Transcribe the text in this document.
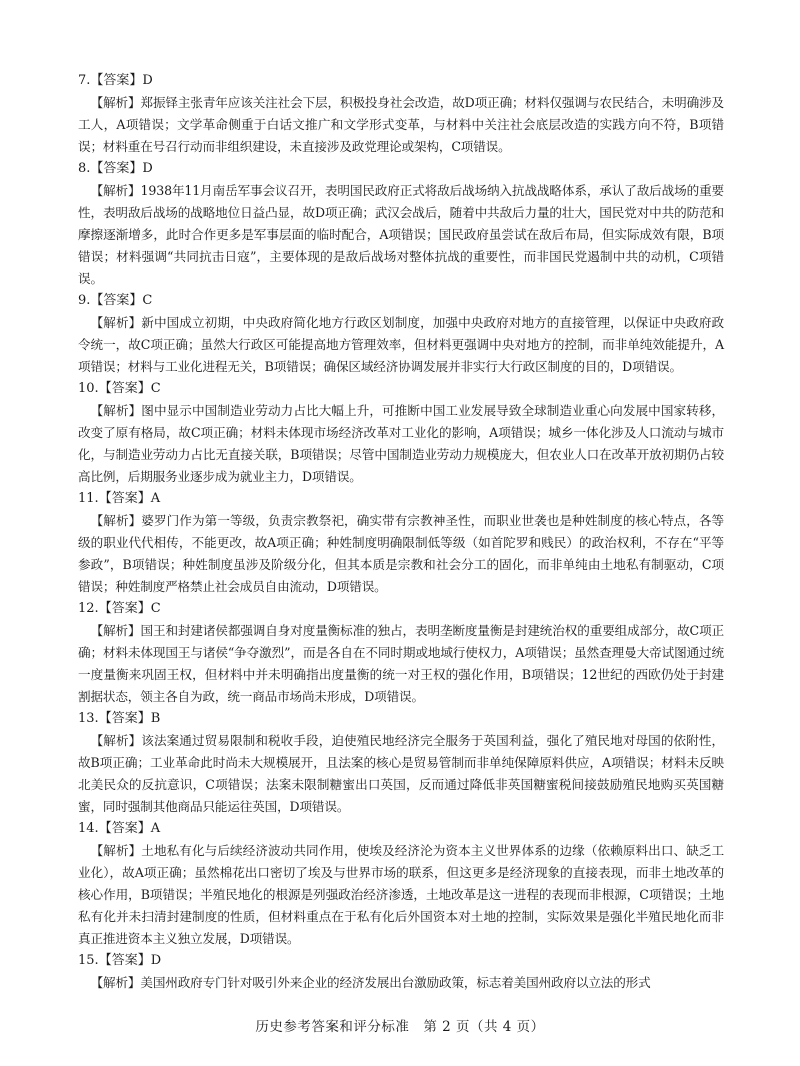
7.【答案】D

【解析】郑振铎主张青年应该关注社会下层，积极投身社会改造，故D项正确；材料仅强调与农民结合，未明确涉及工人，A项错误；文学革命侧重于白话文推广和文学形式变革，与材料中关注社会底层改造的实践方向不符，B项错误；材料重在号召行动而非组织建设，未直接涉及政党理论或架构，C项错误。

8.【答案】D

【解析】1938年11月南岳军事会议召开，表明国民政府正式将敌后战场纳入抗战战略体系，承认了敌后战场的重要性，表明敌后战场的战略地位日益凸显，故D项正确；武汉会战后，随着中共敌后力量的壮大，国民党对中共的防范和摩擦逐渐增多，此时合作更多是军事层面的临时配合，A项错误；国民政府虽尝试在敌后布局，但实际成效有限，B项错误；材料强调“共同抗击日寇”，主要体现的是敌后战场对整体抗战的重要性，而非国民党遏制中共的动机，C项错误。

9.【答案】C

【解析】新中国成立初期，中央政府简化地方行政区划制度，加强中央政府对地方的直接管理，以保证中央政府政令统一，故C项正确；虽然大行政区可能提高地方管理效率，但材料更强调中央对地方的控制，而非单纯效能提升，A项错误；材料与工业化进程无关，B项错误；确保区域经济协调发展并非实行大行政区制度的目的，D项错误。

10.【答案】C

【解析】图中显示中国制造业劳动力占比大幅上升，可推断中国工业发展导致全球制造业重心向发展中国家转移，改变了原有格局，故C项正确；材料未体现市场经济改革对工业化的影响，A项错误；城乡一体化涉及人口流动与城市化，与制造业劳动力占比无直接关联，B项错误；尽管中国制造业劳动力规模庞大，但农业人口在改革开放初期仍占较高比例，后期服务业逐步成为就业主力，D项错误。

11.【答案】A

【解析】婆罗门作为第一等级，负责宗教祭祀，确实带有宗教神圣性，而职业世袭也是种姓制度的核心特点，各等级的职业代代相传，不能更改，故A项正确；种姓制度明确限制低等级（如首陀罗和贱民）的政治权利，不存在“平等参政”，B项错误；种姓制度虽涉及阶级分化，但其本质是宗教和社会分工的固化，而非单纯由土地私有制驱动，C项错误；种姓制度严格禁止社会成员自由流动，D项错误。

12.【答案】C

【解析】国王和封建诸侯都强调自身对度量衡标准的独占，表明垄断度量衡是封建统治权的重要组成部分，故C项正确；材料未体现国王与诸侯“争夺激烈”，而是各自在不同时期或地域行使权力，A项错误；虽然查理曼大帝试图通过统一度量衡来巩固王权，但材料中并未明确指出度量衡的统一对王权的强化作用，B项错误；12世纪的西欧仍处于封建割据状态，领主各自为政，统一商品市场尚未形成，D项错误。

13.【答案】B

【解析】该法案通过贸易限制和税收手段，迫使殖民地经济完全服务于英国利益，强化了殖民地对母国的依附性，故B项正确；工业革命此时尚未大规模展开，且法案的核心是贸易管制而非单纯保障原料供应，A项错误；材料未反映北美民众的反抗意识，C项错误；法案未限制糖蜜出口英国，反而通过降低非英国糖蜜税间接鼓励殖民地购买英国糖蜜，同时强制其他商品只能运往英国，D项错误。

14.【答案】A

【解析】土地私有化与后续经济波动共同作用，使埃及经济沦为资本主义世界体系的边缘（依赖原料出口、缺乏工业化），故A项正确；虽然棉花出口密切了埃及与世界市场的联系，但这更多是经济现象的直接表现，而非土地改革的核心作用，B项错误；半殖民地化的根源是列强政治经济渗透，土地改革是这一进程的表现而非根源，C项错误；土地私有化并未扫清封建制度的性质，但材料重点在于私有化后外国资本对土地的控制，实际效果是强化半殖民地化而非真正推进资本主义独立发展，D项错误。

15.【答案】D

【解析】美国州政府专门针对吸引外来企业的经济发展出台激励政策，标志着美国州政府以立法的形式

历史参考答案和评分标准　第 2 页（共 4 页）
